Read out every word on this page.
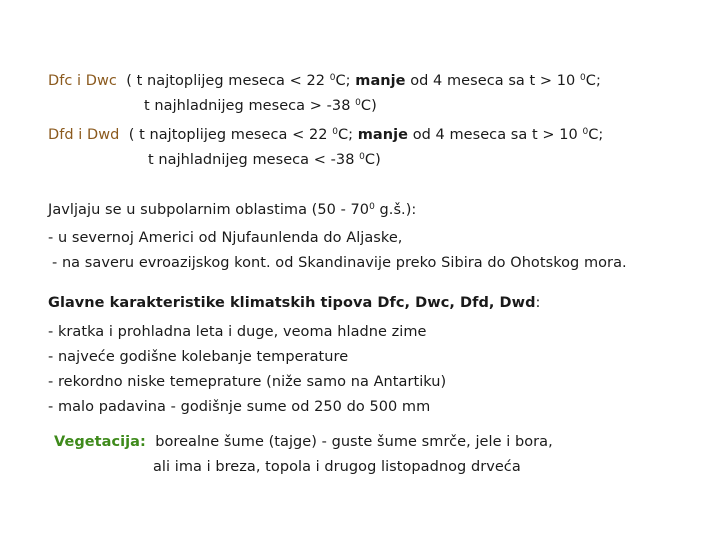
Dfc i Dwc ( t najtoplijeg meseca < 22 $^0$C; manje od 4 meseca sa t > 10 $^0$C;
t najhladnijeg meseca > -38 $^0$C)
Dfd i Dwd ( t najtoplijeg meseca < 22 $^0$C; manje od 4 meseca sa t > 10 $^0$C;
t najhladnijeg meseca < -38 $^0$C)
Javljaju se u subpolarnim oblastima ($50 - 70^0$ g.š.):
- u severnoj Americi od Njufaunlenda do Aljaske,
- na saveru evroazijskog kont. od Skandinavije preko Sibira do Ohotskog mora.
Glavne karakteristike klimatskih tipova Dfc, Dwc, Dfd, Dwd:
- kratka i prohladna leta i duge, veoma hladne zime
- najveće godišne kolebanje temperature
- rekordno niske temeprature (niže samo na Antartiku)
- malo padavina - godišnje sume od 250 do 500 mm
Vegetacija: borealne šume (tajge) - guste šume smrče, jele i bora,
ali ima i breza, topola i drugog listopadnog drveća
